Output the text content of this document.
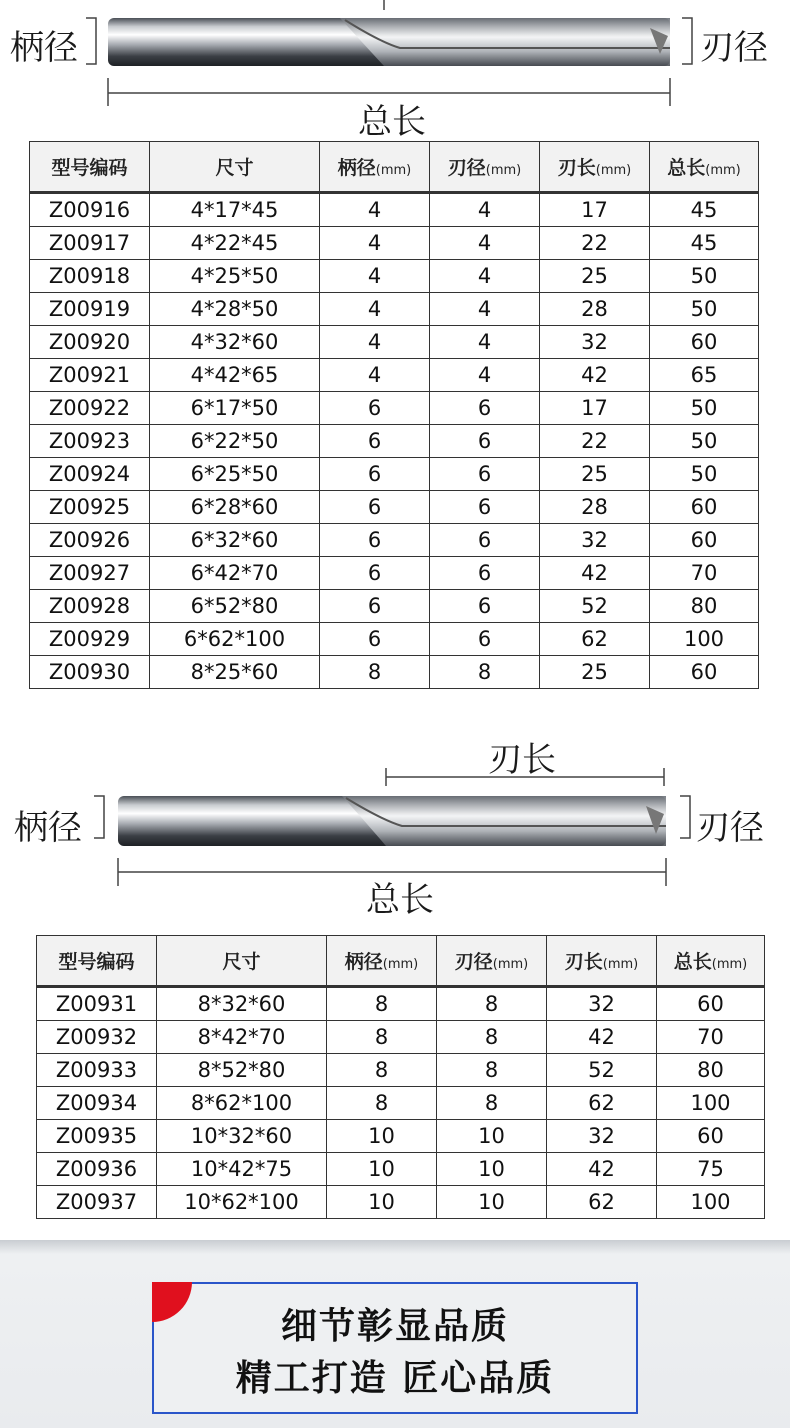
柄径	刃径
总长
型号编码	尺寸	柄径(mm)	刃径(mm)	刃长(mm)	总长(mm)
Z00916	4*17*45	4	4	17	45
Z00917	4*22*45	4	4	22	45
Z00918	4*25*50	4	4	25	50
Z00919	4*28*50	4	4	28	50
Z00920	4*32*60	4	4	32	60
Z00921	4*42*65	4	4	42	65
Z00922	6*17*50	6	6	17	50
Z00923	6*22*50	6	6	22	50
Z00924	6*25*50	6	6	25	50
Z00925	6*28*60	6	6	28	60
Z00926	6*32*60	6	6	32	60
Z00927	6*42*70	6	6	42	70
Z00928	6*52*80	6	6	52	80
Z00929	6*62*100	6	6	62	100
Z00930	8*25*60	8	8	25	60
刃长
柄径	刃径
总长
型号编码	尺寸	柄径(mm)	刃径(mm)	刃长(mm)	总长(mm)
Z00931	8*32*60	8	8	32	60
Z00932	8*42*70	8	8	42	70
Z00933	8*52*80	8	8	52	80
Z00934	8*62*100	8	8	62	100
Z00935	10*32*60	10	10	32	60
Z00936	10*42*75	10	10	42	75
Z00937	10*62*100	10	10	62	100
细节彰显品质
精工打造 匠心品质
